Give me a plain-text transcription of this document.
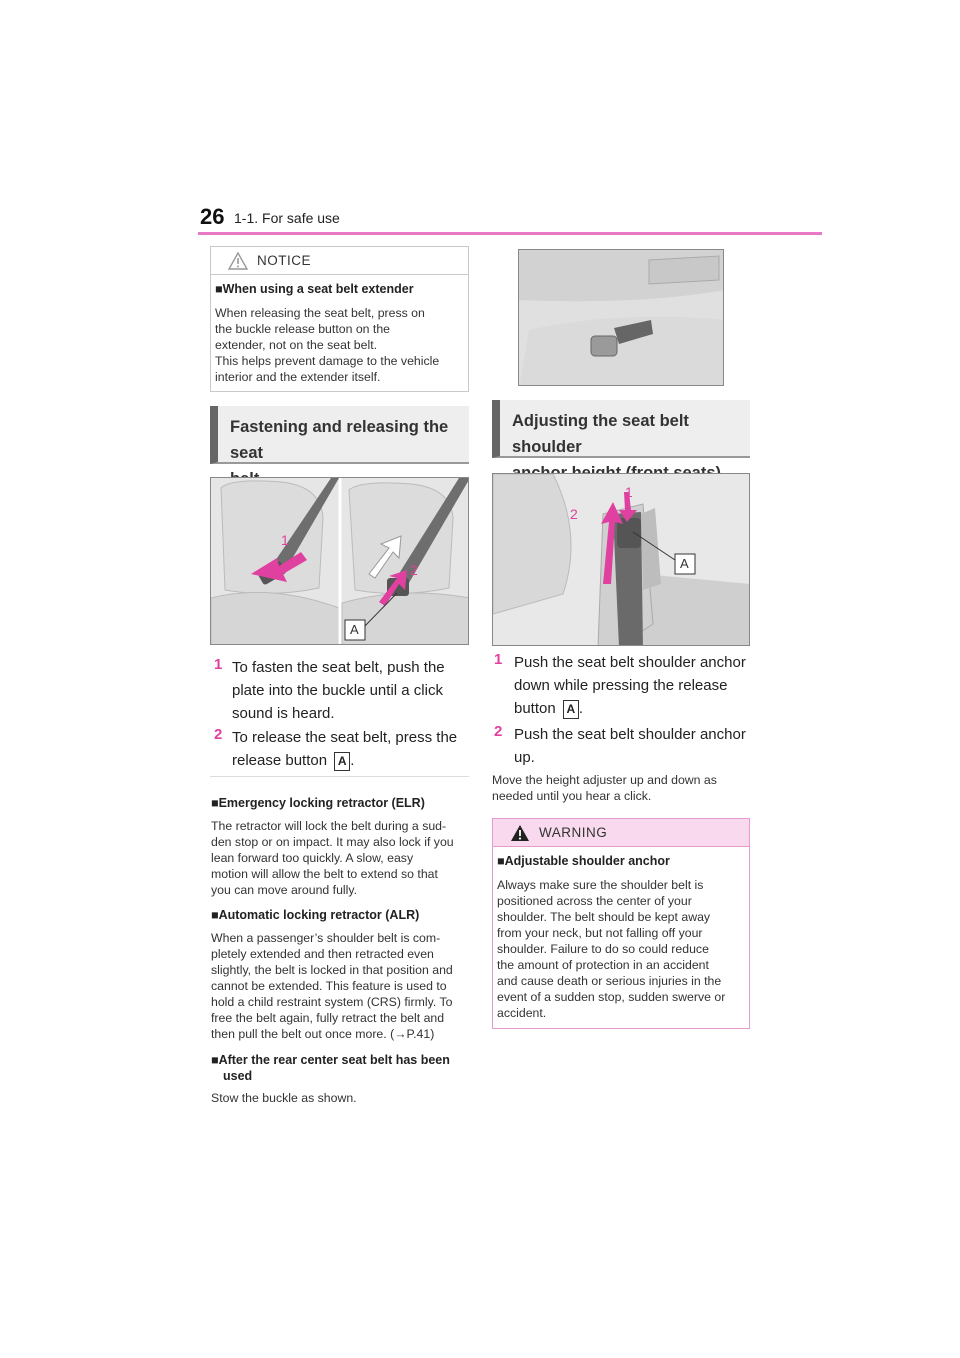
26 1-1. For safe use
NOTICE
■When using a seat belt extender
When releasing the seat belt, press on
the buckle release button on the
extender, not on the seat belt.
This helps prevent damage to the vehicle
interior and the extender itself.
Fastening and releasing the seat

1
2
A
1 To fasten the seat belt, push the
plate into the buckle until a click
sound is heard.
2 To release the seat belt, press the
release button A .
■Emergency locking retractor (ELR)
The retractor will lock the belt during a sud-
den stop or on impact. It may also lock if you
lean forward too quickly. A slow, easy
motion will allow the belt to extend so that
you can move around fully.
■Automatic locking retractor (ALR)
When a passenger’s shoulder belt is com-
pletely extended and then retracted even
slightly, the belt is locked in that position and
cannot be extended. This feature is used to
hold a child restraint system (CRS) firmly. To
free the belt again, fully retract the belt and
then pull the belt out once more. (→P.41)
■After the rear center seat belt has been
used
Stow the buckle as shown.
Adjusting the seat belt shoulder

1
2
A
1 Push the seat belt shoulder anchor
down while pressing the release
button A .
2 Push the seat belt shoulder anchor
up.
Move the height adjuster up and down as
needed until you hear a click.
WARNING
■Adjustable shoulder anchor
Always make sure the shoulder belt is
positioned across the center of your
shoulder. The belt should be kept away
from your neck, but not falling off your
shoulder. Failure to do so could reduce
the amount of protection in an accident
and cause death or serious injuries in the
event of a sudden stop, sudden swerve or
accident.
